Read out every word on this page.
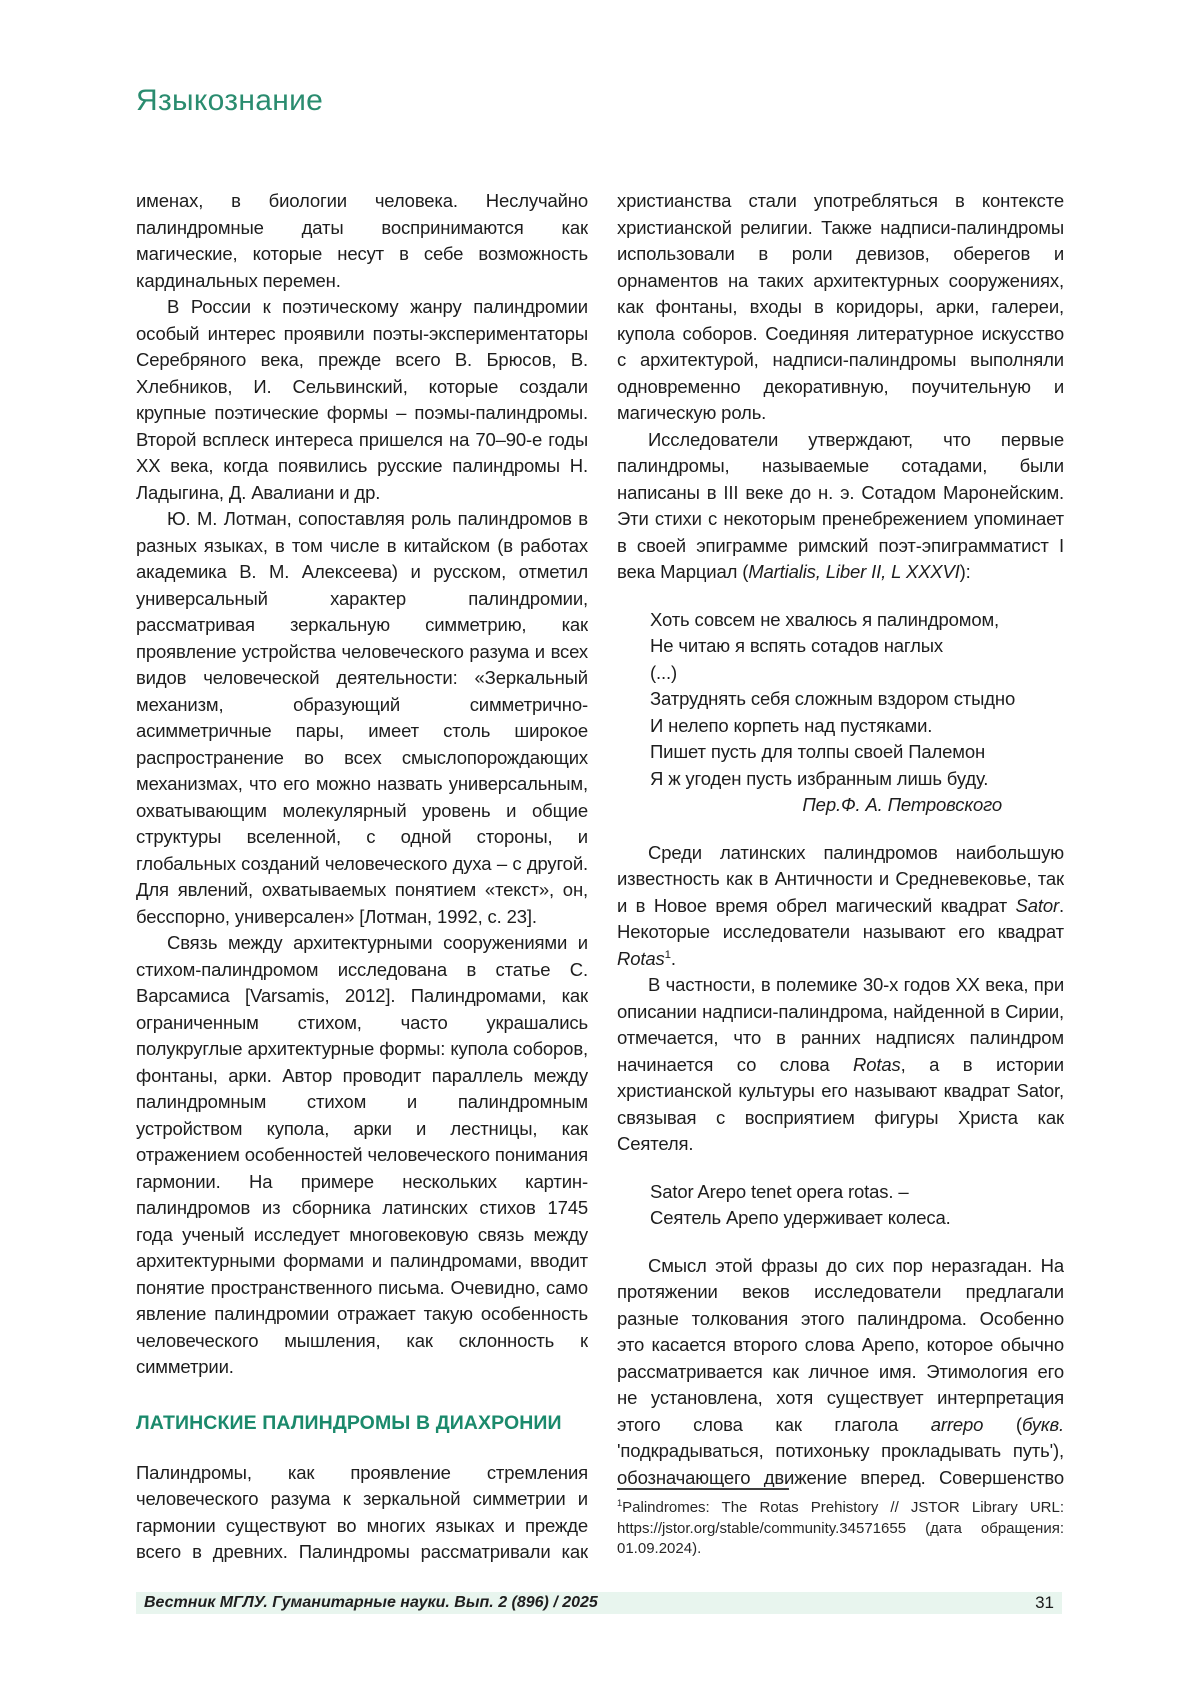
Языкознание

именах, в биологии человека. Неслучайно палиндромные даты воспринимаются как магические, которые несут в себе возможность кардинальных перемен.

В России к поэтическому жанру палиндромии особый интерес проявили поэты-экспериментаторы Серебряного века, прежде всего В. Брюсов, В. Хлебников, И. Сельвинский, которые создали крупные поэтические формы – поэмы-палиндромы. Второй всплеск интереса пришелся на 70–90-е годы XX века, когда появились русские палиндромы Н. Ладыгина, Д. Авалиани и др.

Ю. М. Лотман, сопоставляя роль палиндромов в разных языках, в том числе в китайском (в работах академика В. М. Алексеева) и русском, отметил универсальный характер палиндромии, рассматривая зеркальную симметрию, как проявление устройства человеческого разума и всех видов человеческой деятельности: «Зеркальный механизм, образующий симметрично-асимметричные пары, имеет столь широкое распространение во всех смыслопорождающих механизмах, что его можно назвать универсальным, охватывающим молекулярный уровень и общие структуры вселенной, с одной стороны, и глобальных созданий человеческого духа – с другой. Для явлений, охватываемых понятием «текст», он, бесспорно, универсален» [Лотман, 1992, с. 23].

Связь между архитектурными сооружениями и стихом-палиндромом исследована в статье С. Варсамиса [Varsamis, 2012]. Палиндромами, как ограниченным стихом, часто украшались полукруглые архитектурные формы: купола соборов, фонтаны, арки. Автор проводит параллель между палиндромным стихом и палиндромным устройством купола, арки и лестницы, как отражением особенностей человеческого понимания гармонии. На примере нескольких картин-палиндромов из сборника латинских стихов 1745 года ученый исследует многовековую связь между архитектурными формами и палиндромами, вводит понятие пространственного письма. Очевидно, само явление палиндромии отражает такую особенность человеческого мышления, как склонность к симметрии.

ЛАТИНСКИЕ ПАЛИНДРОМЫ В ДИАХРОНИИ

Палиндромы, как проявление стремления человеческого разума к зеркальной симметрии и гармонии существуют во многих языках и прежде всего в древних. Палиндромы рассматривали как

христианства стали употребляться в контексте христианской религии. Также надписи-палиндромы использовали в роли девизов, оберегов и орнаментов на таких архитектурных сооружениях, как фонтаны, входы в коридоры, арки, галереи, купола соборов. Соединяя литературное искусство с архитектурой, надписи-палиндромы выполняли одновременно декоративную, поучительную и магическую роль.

Исследователи утверждают, что первые палиндромы, называемые сотадами, были написаны в III веке до н. э. Сотадом Маронейским. Эти стихи с некоторым пренебрежением упоминает в своей эпиграмме римский поэт-эпиграмматист I века Марциал (Martialis, Liber II, L XXXVI):

Хоть совсем не хвалюсь я палиндромом,
Не читаю я вспять сотадов наглых
(...)
Затруднять себя сложным вздором стыдно
И нелепо корпеть над пустяками.
Пишет пусть для толпы своей Палемон
Я ж угоден пусть избранным лишь буду.
Пер.Ф. А. Петровского

Среди латинских палиндромов наибольшую известность как в Античности и Средневековье, так и в Новое время обрел магический квадрат Sator. Некоторые исследователи называют его квадрат Rotas$^1$.

В частности, в полемике 30-х годов XX века, при описании надписи-палиндрома, найденной в Сирии, отмечается, что в ранних надписях палиндром начинается со слова Rotas, а в истории христианской культуры его называют квадрат Sator, связывая с восприятием фигуры Христа как Сеятеля.

Sator Arepo tenet opera rotas. –
Сеятель Арепо удерживает колеса.

Смысл этой фразы до сих пор неразгадан. На протяжении веков исследователи предлагали разные толкования этого палиндрома. Особенно это касается второго слова Арепо, которое обычно рассматривается как личное имя. Этимология его не установлена, хотя существует интерпретация этого слова как глагола arrepo (букв. 'подкрадываться, потихоньку прокладывать путь'), обозначающего движение вперед. Совершенство

$^1$Palindromes: The Rotas Prehistory // JSTOR Library URL: https://jstor.org/stable/community.34571655 (дата обращения: 01.09.2024).
Вестник МГЛУ. Гуманитарные науки. Вып. 2 (896) / 2025	31
